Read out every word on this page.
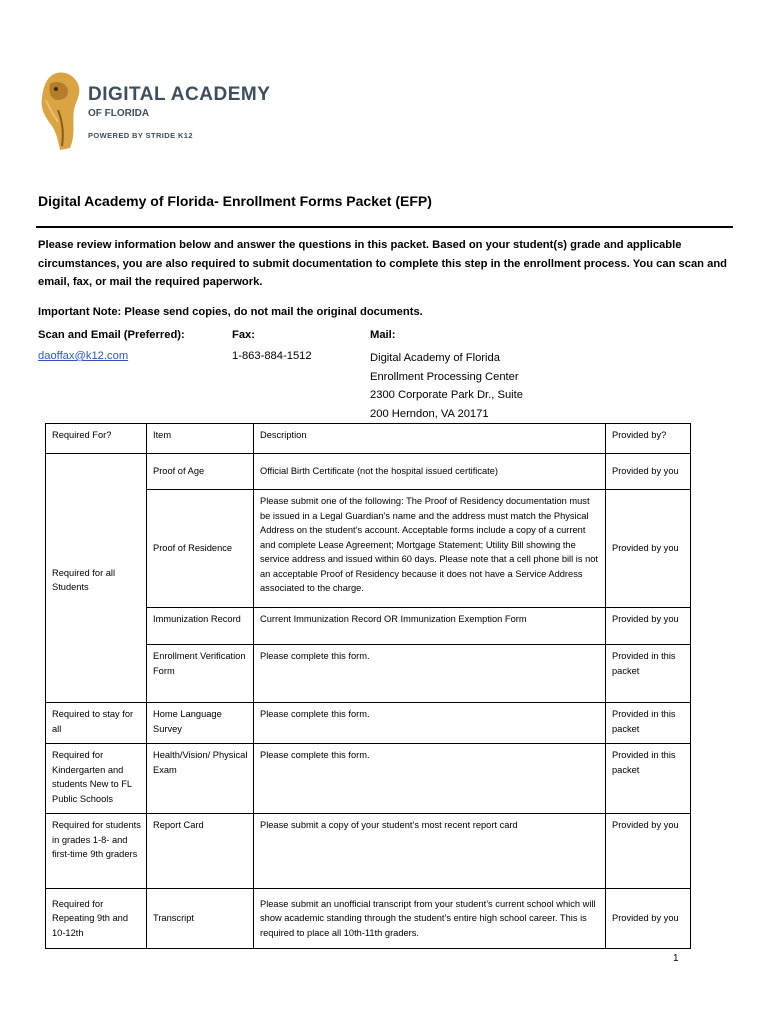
DIGITAL ACADEMY
OF FLORIDA
POWERED BY STRIDE K12
Digital Academy of Florida- Enrollment Forms Packet (EFP)
Please review information below and answer the questions in this packet. Based on your student(s) grade and applicable circumstances, you are also required to submit documentation to complete this step in the enrollment process. You can scan and email, fax, or mail the required paperwork.
Important Note: Please send copies, do not mail the original documents.
Scan and Email (Preferred):	Fax:	Mail:
daoffax@k12.com	1-863-884-1512	Digital Academy of Florida
Enrollment Processing Center
2300 Corporate Park Dr., Suite
200 Herndon, VA 20171
Required For?	Item	Description	Provided by?
Required for all Students	Proof of Age	Official Birth Certificate (not the hospital issued certificate)	Provided by you
	Proof of Residence	Please submit one of the following: The Proof of Residency documentation must be issued in a Legal Guardian’s name and the address must match the Physical Address on the student’s account. Acceptable forms include a copy of a current and complete Lease Agreement; Mortgage Statement; Utility Bill showing the service address and issued within 60 days. Please note that a cell phone bill is not an acceptable Proof of Residency because it does not have a Service Address associated to the charge.	Provided by you
	Immunization Record	Current Immunization Record OR Immunization Exemption Form	Provided by you
	Enrollment Verification Form	Please complete this form.	Provided in this packet
Required to stay for all	Home Language Survey	Please complete this form.	Provided in this packet
Required for Kindergarten and students New to FL Public Schools	Health/Vision/ Physical Exam	Please complete this form.	Provided in this packet
Required for students in grades 1-8- and first-time 9th graders	Report Card	Please submit a copy of your student’s most recent report card	Provided by you
Required for Repeating 9th and 10-12th	Transcript	Please submit an unofficial transcript from your student’s current school which will show academic standing through the student’s entire high school career. This is required to place all 10th-11th graders.	Provided by you
1
